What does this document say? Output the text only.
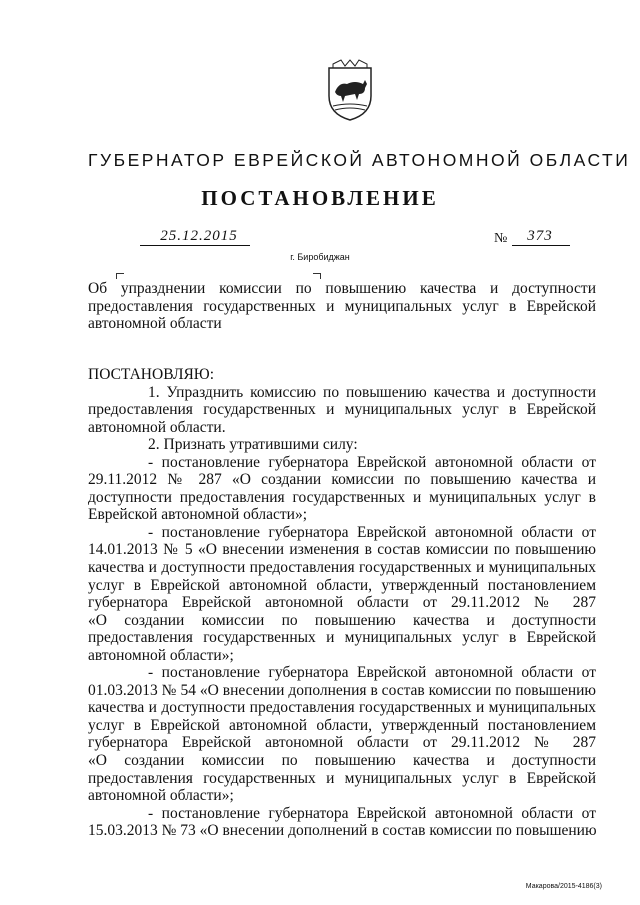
ГУБЕРНАТОР ЕВРЕЙСКОЙ АВТОНОМНОЙ ОБЛАСТИ
ПОСТАНОВЛЕНИЕ
25.12.2015	№	373
г. Биробиджан
Об упразднении комиссии по повышению качества и доступности
предоставления государственных и муниципальных услуг в Еврейской
автономной области
ПОСТАНОВЛЯЮ:
1. Упразднить комиссию по повышению качества и доступности
предоставления государственных и муниципальных услуг в Еврейской
автономной области.
2. Признать утратившими силу:
- постановление губернатора Еврейской автономной области от
29.11.2012 № 287 «О создании комиссии по повышению качества и
доступности предоставления государственных и муниципальных услуг в
Еврейской автономной области»;
- постановление губернатора Еврейской автономной области от
14.01.2013 № 5 «О внесении изменения в состав комиссии по повышению
качества и доступности предоставления государственных и муниципальных
услуг в Еврейской автономной области, утвержденный постановлением
губернатора Еврейской автономной области от 29.11.2012 № 287
«О создании комиссии по повышению качества и доступности
предоставления государственных и муниципальных услуг в Еврейской
автономной области»;
- постановление губернатора Еврейской автономной области от
01.03.2013 № 54 «О внесении дополнения в состав комиссии по повышению
качества и доступности предоставления государственных и муниципальных
услуг в Еврейской автономной области, утвержденный постановлением
губернатора Еврейской автономной области от 29.11.2012 № 287
«О создании комиссии по повышению качества и доступности
предоставления государственных и муниципальных услуг в Еврейской
автономной области»;
- постановление губернатора Еврейской автономной области от
15.03.2013 № 73 «О внесении дополнений в состав комиссии по повышению
Макарова/2015-4186(3)
